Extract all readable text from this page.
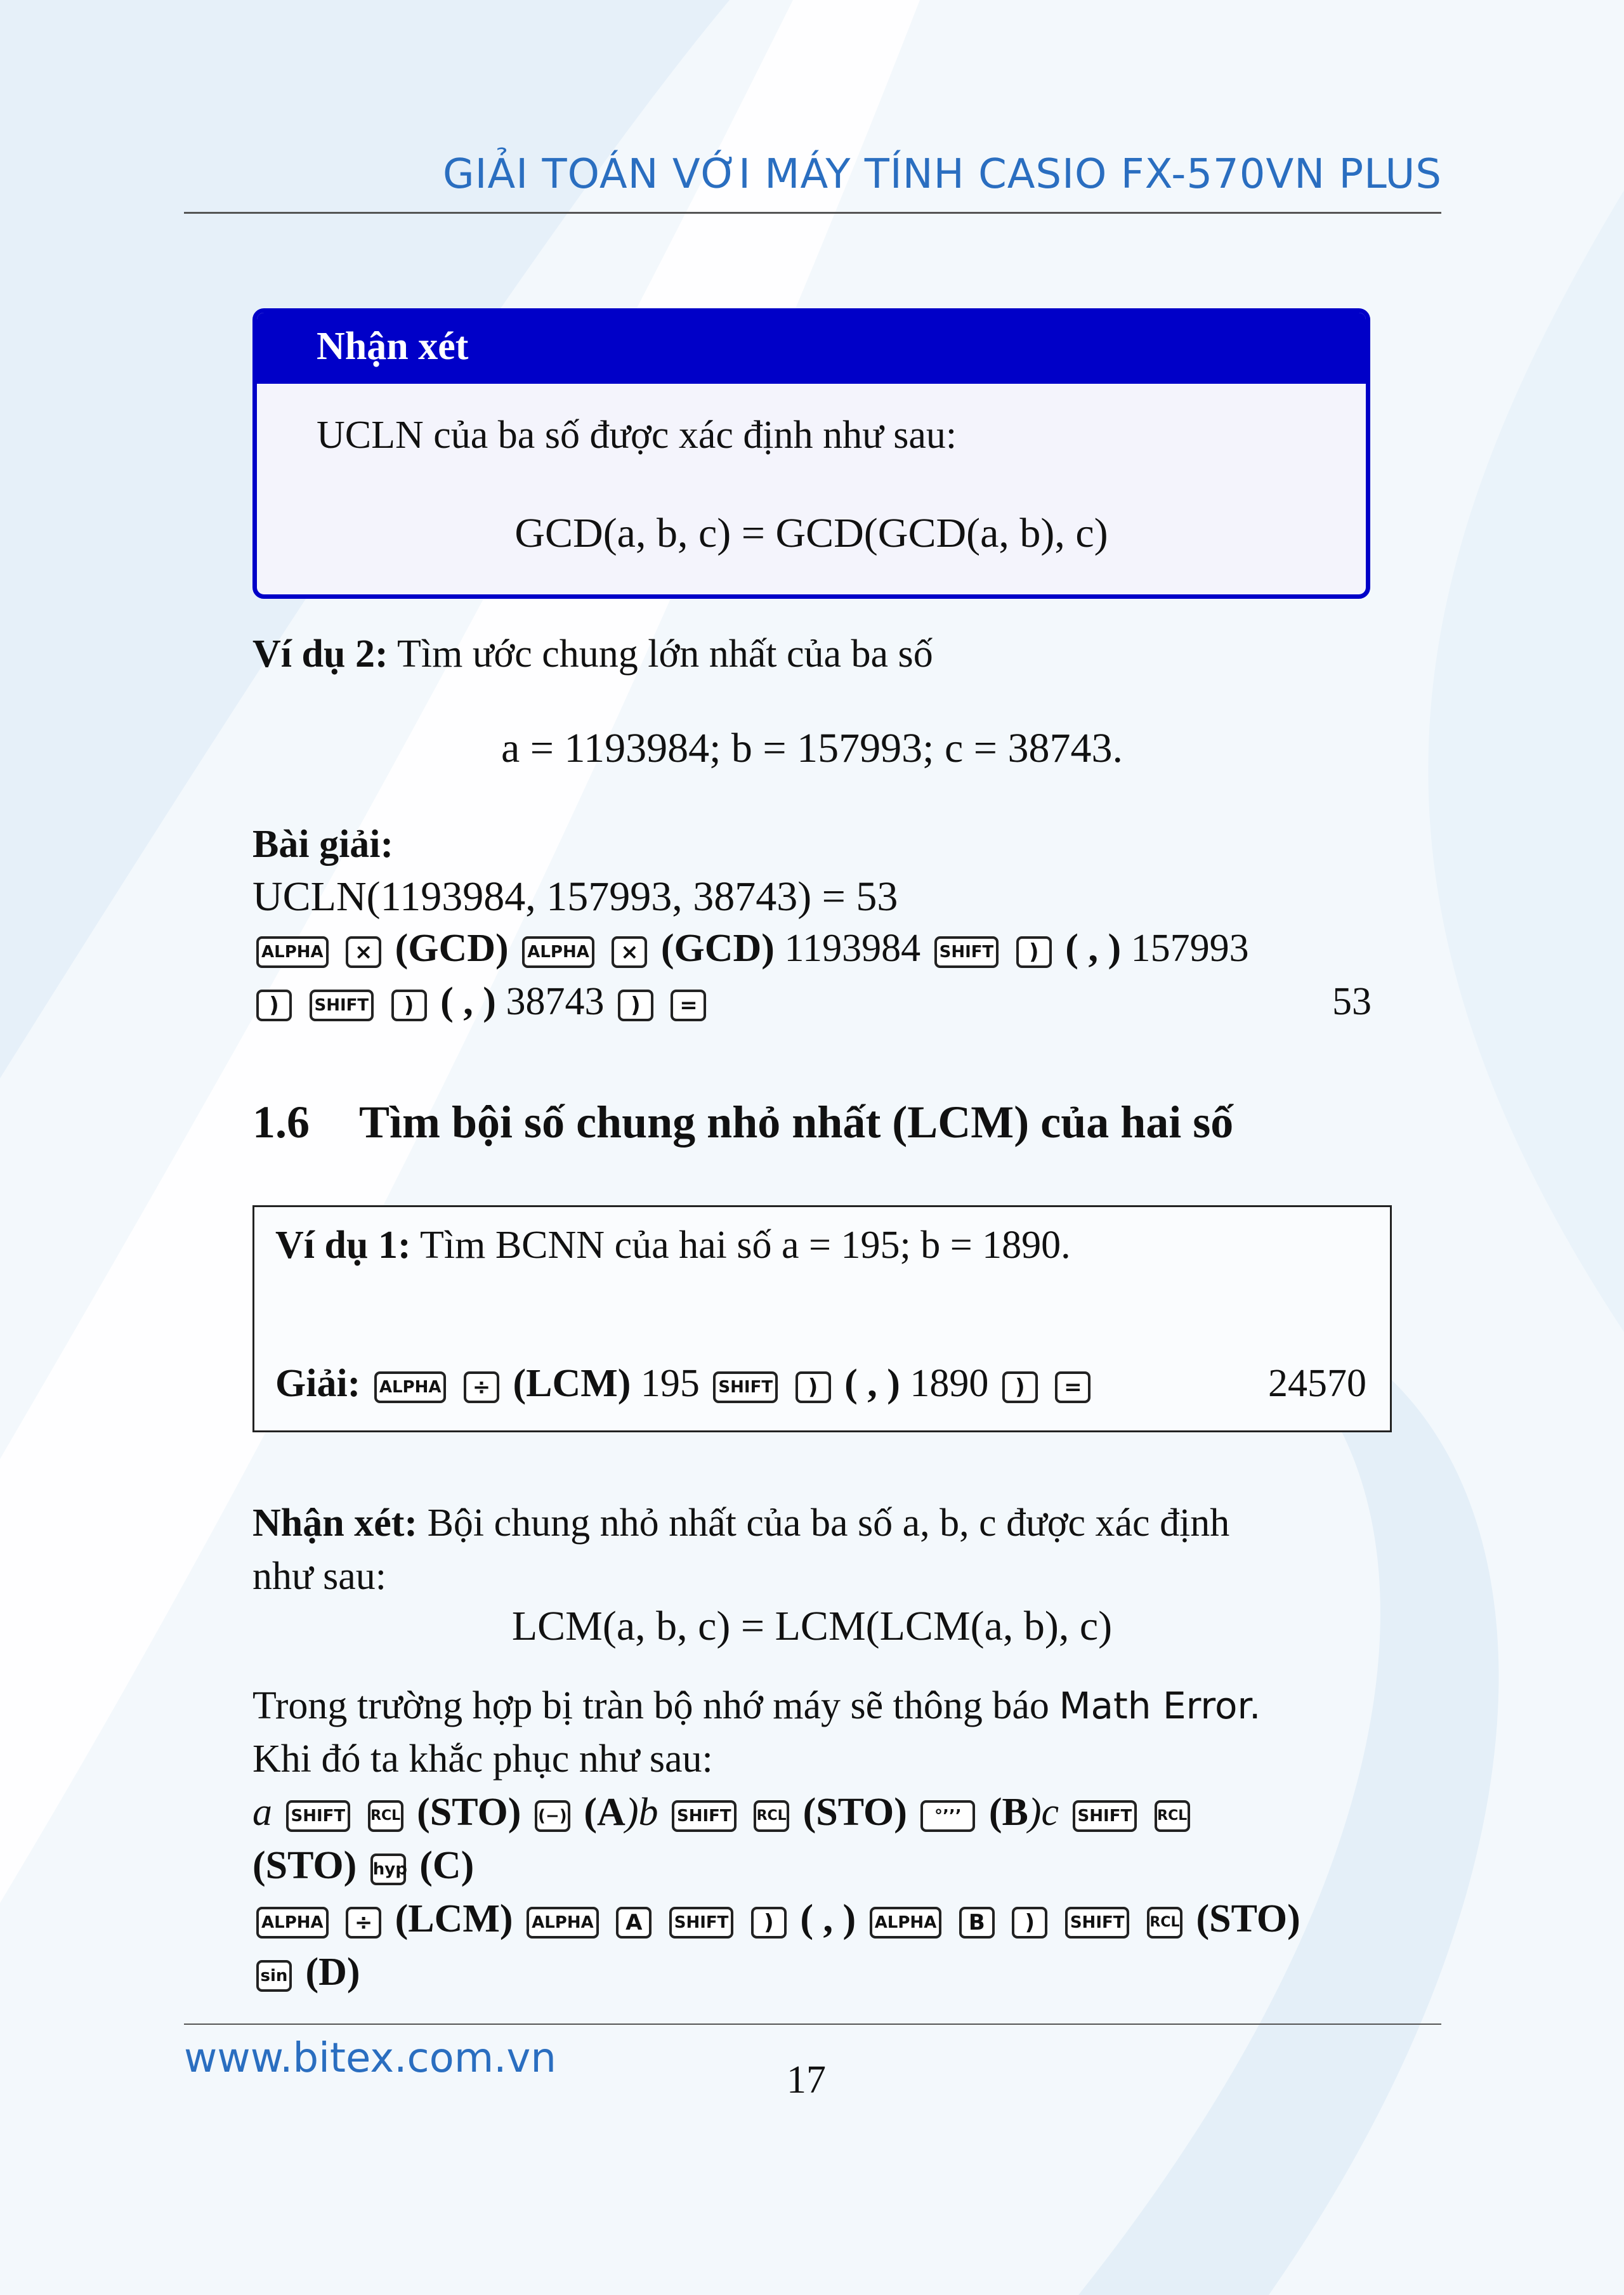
GIẢI TOÁN VỚI MÁY TÍNH CASIO FX-570VN PLUS
Nhận xét
UCLN của ba số được xác định như sau:
GCD(a, b, c) = GCD(GCD(a, b), c)
Ví dụ 2: Tìm ước chung lớn nhất của ba số
a = 1193984; b = 157993; c = 38743.
Bài giải:
UCLN(1193984, 157993, 38743) = 53
ALPHA × (GCD) ALPHA × (GCD) 1193984 SHIFT ) ( , ) 157993
) SHIFT ) ( , ) 38743 ) =	53
1.6 Tìm bội số chung nhỏ nhất (LCM) của hai số
Ví dụ 1: Tìm BCNN của hai số a = 195; b = 1890.
Giải: ALPHA ÷ (LCM) 195 SHIFT ) ( , ) 1890 ) =	24570
Nhận xét: Bội chung nhỏ nhất của ba số a, b, c được xác định
như sau:
LCM(a, b, c) = LCM(LCM(a, b), c)
Trong trường hợp bị tràn bộ nhớ máy sẽ thông báo Math Error.
Khi đó ta khắc phục như sau:
a SHIFT RCL (STO) (−) (A)b SHIFT RCL (STO) °’’’ (B)c SHIFT RCL
(STO) hyp (C)
ALPHA ÷ (LCM) ALPHA A SHIFT ) ( , ) ALPHA B ) SHIFT RCL (STO)
sin (D)
www.bitex.com.vn	17
